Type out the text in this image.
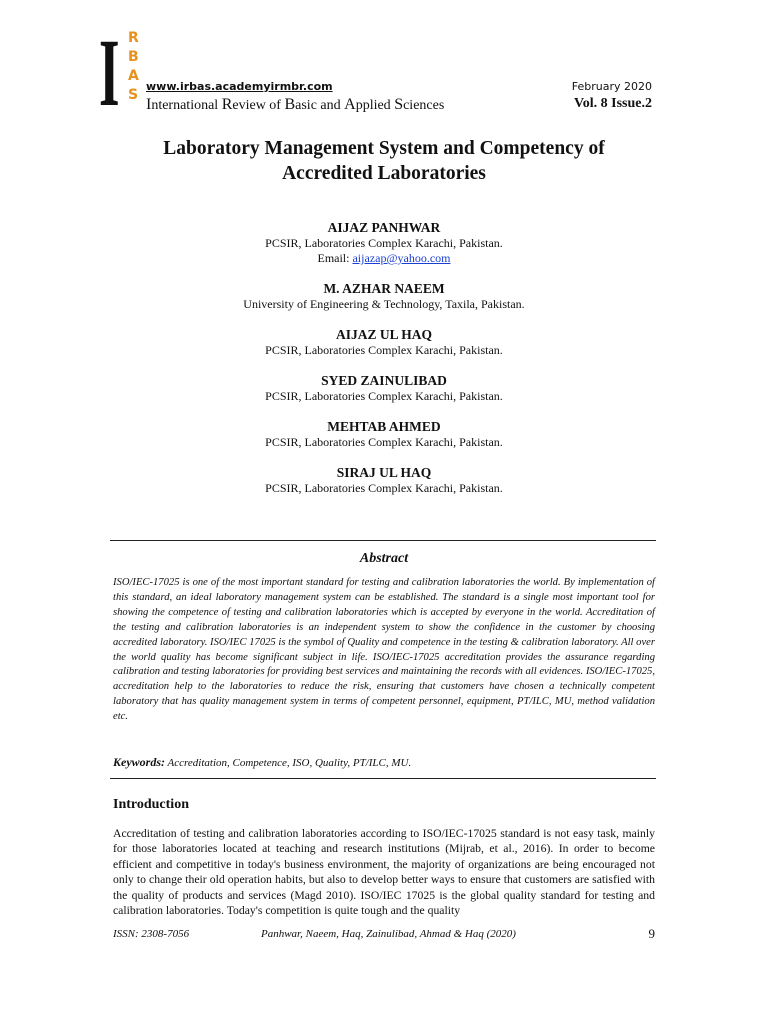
I R
B
A
S
www.irbas.academyirmbr.com	February 2020
International Review of Basic and Applied Sciences	Vol. 8 Issue.2
Laboratory Management System and Competency of
Accredited Laboratories
AIJAZ PANHWAR
PCSIR, Laboratories Complex Karachi, Pakistan.
Email: aijazap@yahoo.com
M. AZHAR NAEEM
University of Engineering & Technology, Taxila, Pakistan.
AIJAZ UL HAQ
PCSIR, Laboratories Complex Karachi, Pakistan.
SYED ZAINULIBAD
PCSIR, Laboratories Complex Karachi, Pakistan.
MEHTAB AHMED
PCSIR, Laboratories Complex Karachi, Pakistan.
SIRAJ UL HAQ
PCSIR, Laboratories Complex Karachi, Pakistan.
Abstract
ISO/IEC-17025 is one of the most important standard for testing and calibration laboratories the world. By implementation of this standard, an ideal laboratory management system can be established. The standard is a single most important tool for showing the competence of testing and calibration laboratories which is accepted by everyone in the world. Accreditation of the testing and calibration laboratories is an independent system to show the confidence in the customer by choosing accredited laboratory. ISO/IEC 17025 is the symbol of Quality and competence in the testing & calibration laboratory. All over the world quality has become significant subject in life. ISO/IEC-17025 accreditation provides the assurance regarding calibration and testing laboratories for providing best services and maintaining the records with all evidences. ISO/IEC-17025, accreditation help to the laboratories to reduce the risk, ensuring that customers have chosen a technically competent laboratory that has quality management system in terms of competent personnel, equipment, PT/ILC, MU, method validation etc.
Keywords: Accreditation, Competence, ISO, Quality, PT/ILC, MU.
Introduction
Accreditation of testing and calibration laboratories according to ISO/IEC-17025 standard is not easy task, mainly for those laboratories located at teaching and research institutions (Mijrab, et al., 2016). In order to become efficient and competitive in today's business environment, the majority of organizations are being encouraged not only to change their old operation habits, but also to develop better ways to ensure that customers are satisfied with the quality of products and services (Magd 2010). ISO/IEC 17025 is the global quality standard for testing and calibration laboratories. Today's competition is quite tough and the quality
ISSN: 2308-7056	Panhwar, Naeem, Haq, Zainulibad, Ahmad & Haq (2020)	9
